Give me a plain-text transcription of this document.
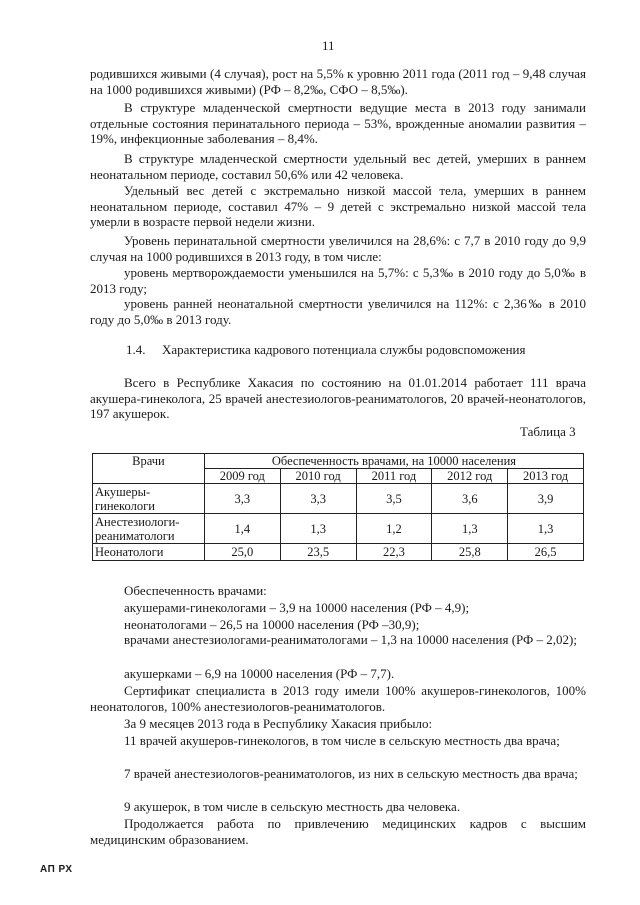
11

родившихся живыми (4 случая), рост на 5,5% к уровню 2011 года (2011 год – 9,48 случая на 1000 родившихся живыми) (РФ – 8,2‰, СФО – 8,5‰).

В структуре младенческой смертности ведущие места в 2013 году занимали отдельные состояния перинатального периода – 53%, врожденные аномалии развития – 19%, инфекционные заболевания – 8,4%.

В структуре младенческой смертности удельный вес детей, умерших в раннем неонатальном периоде, составил 50,6% или 42 человека.

Удельный вес детей с экстремально низкой массой тела, умерших в раннем неонатальном периоде, составил 47% – 9 детей с экстремально низкой массой тела умерли в возрасте первой недели жизни.

Уровень перинатальной смертности увеличился на 28,6%: с 7,7 в 2010 году до 9,9 случая на 1000 родившихся в 2013 году, в том числе:

уровень мертворождаемости уменьшился на 5,7%: с 5,3‰ в 2010 году до 5,0‰ в 2013 году;

уровень ранней неонатальной смертности увеличился на 112%: с 2,36‰ в 2010 году до 5,0‰ в 2013 году.

1.4. Характеристика кадрового потенциала службы родовспоможения

Всего в Республике Хакасия по состоянию на 01.01.2014 работает 111 врача акушера-гинеколога, 25 врачей анестезиологов-реаниматологов, 20 врачей-неонатологов, 197 акушерок.

Таблица 3
Врачи	Обеспеченность врачами, на 10000 населения				
	2009 год	2010 год	2011 год	2012 год	2013 год
Акушеры-гинекологи	3,3	3,3	3,5	3,6	3,9
Анестезиологи-реаниматологи	1,4	1,3	1,2	1,3	1,3
Неонатологи	25,0	23,5	22,3	25,8	26,5

Обеспеченность врачами:

акушерами-гинекологами – 3,9 на 10000 населения (РФ – 4,9);

неонатологами – 26,5 на 10000 населения (РФ –30,9);

врачами анестезиологами-реаниматологами – 1,3 на 10000 населения (РФ – 2,02);

акушерками – 6,9 на 10000 населения (РФ – 7,7).

Сертификат специалиста в 2013 году имели 100% акушеров-гинекологов, 100% неонатологов, 100% анестезиологов-реаниматологов.

За 9 месяцев 2013 года в Республику Хакасия прибыло:

11 врачей акушеров-гинекологов, в том числе в сельскую местность два врача;

7 врачей анестезиологов-реаниматологов, из них в сельскую местность два врача;

9 акушерок, в том числе в сельскую местность два человека.

Продолжается работа по привлечению медицинских кадров с высшим медицинским образованием.

АП РХ
